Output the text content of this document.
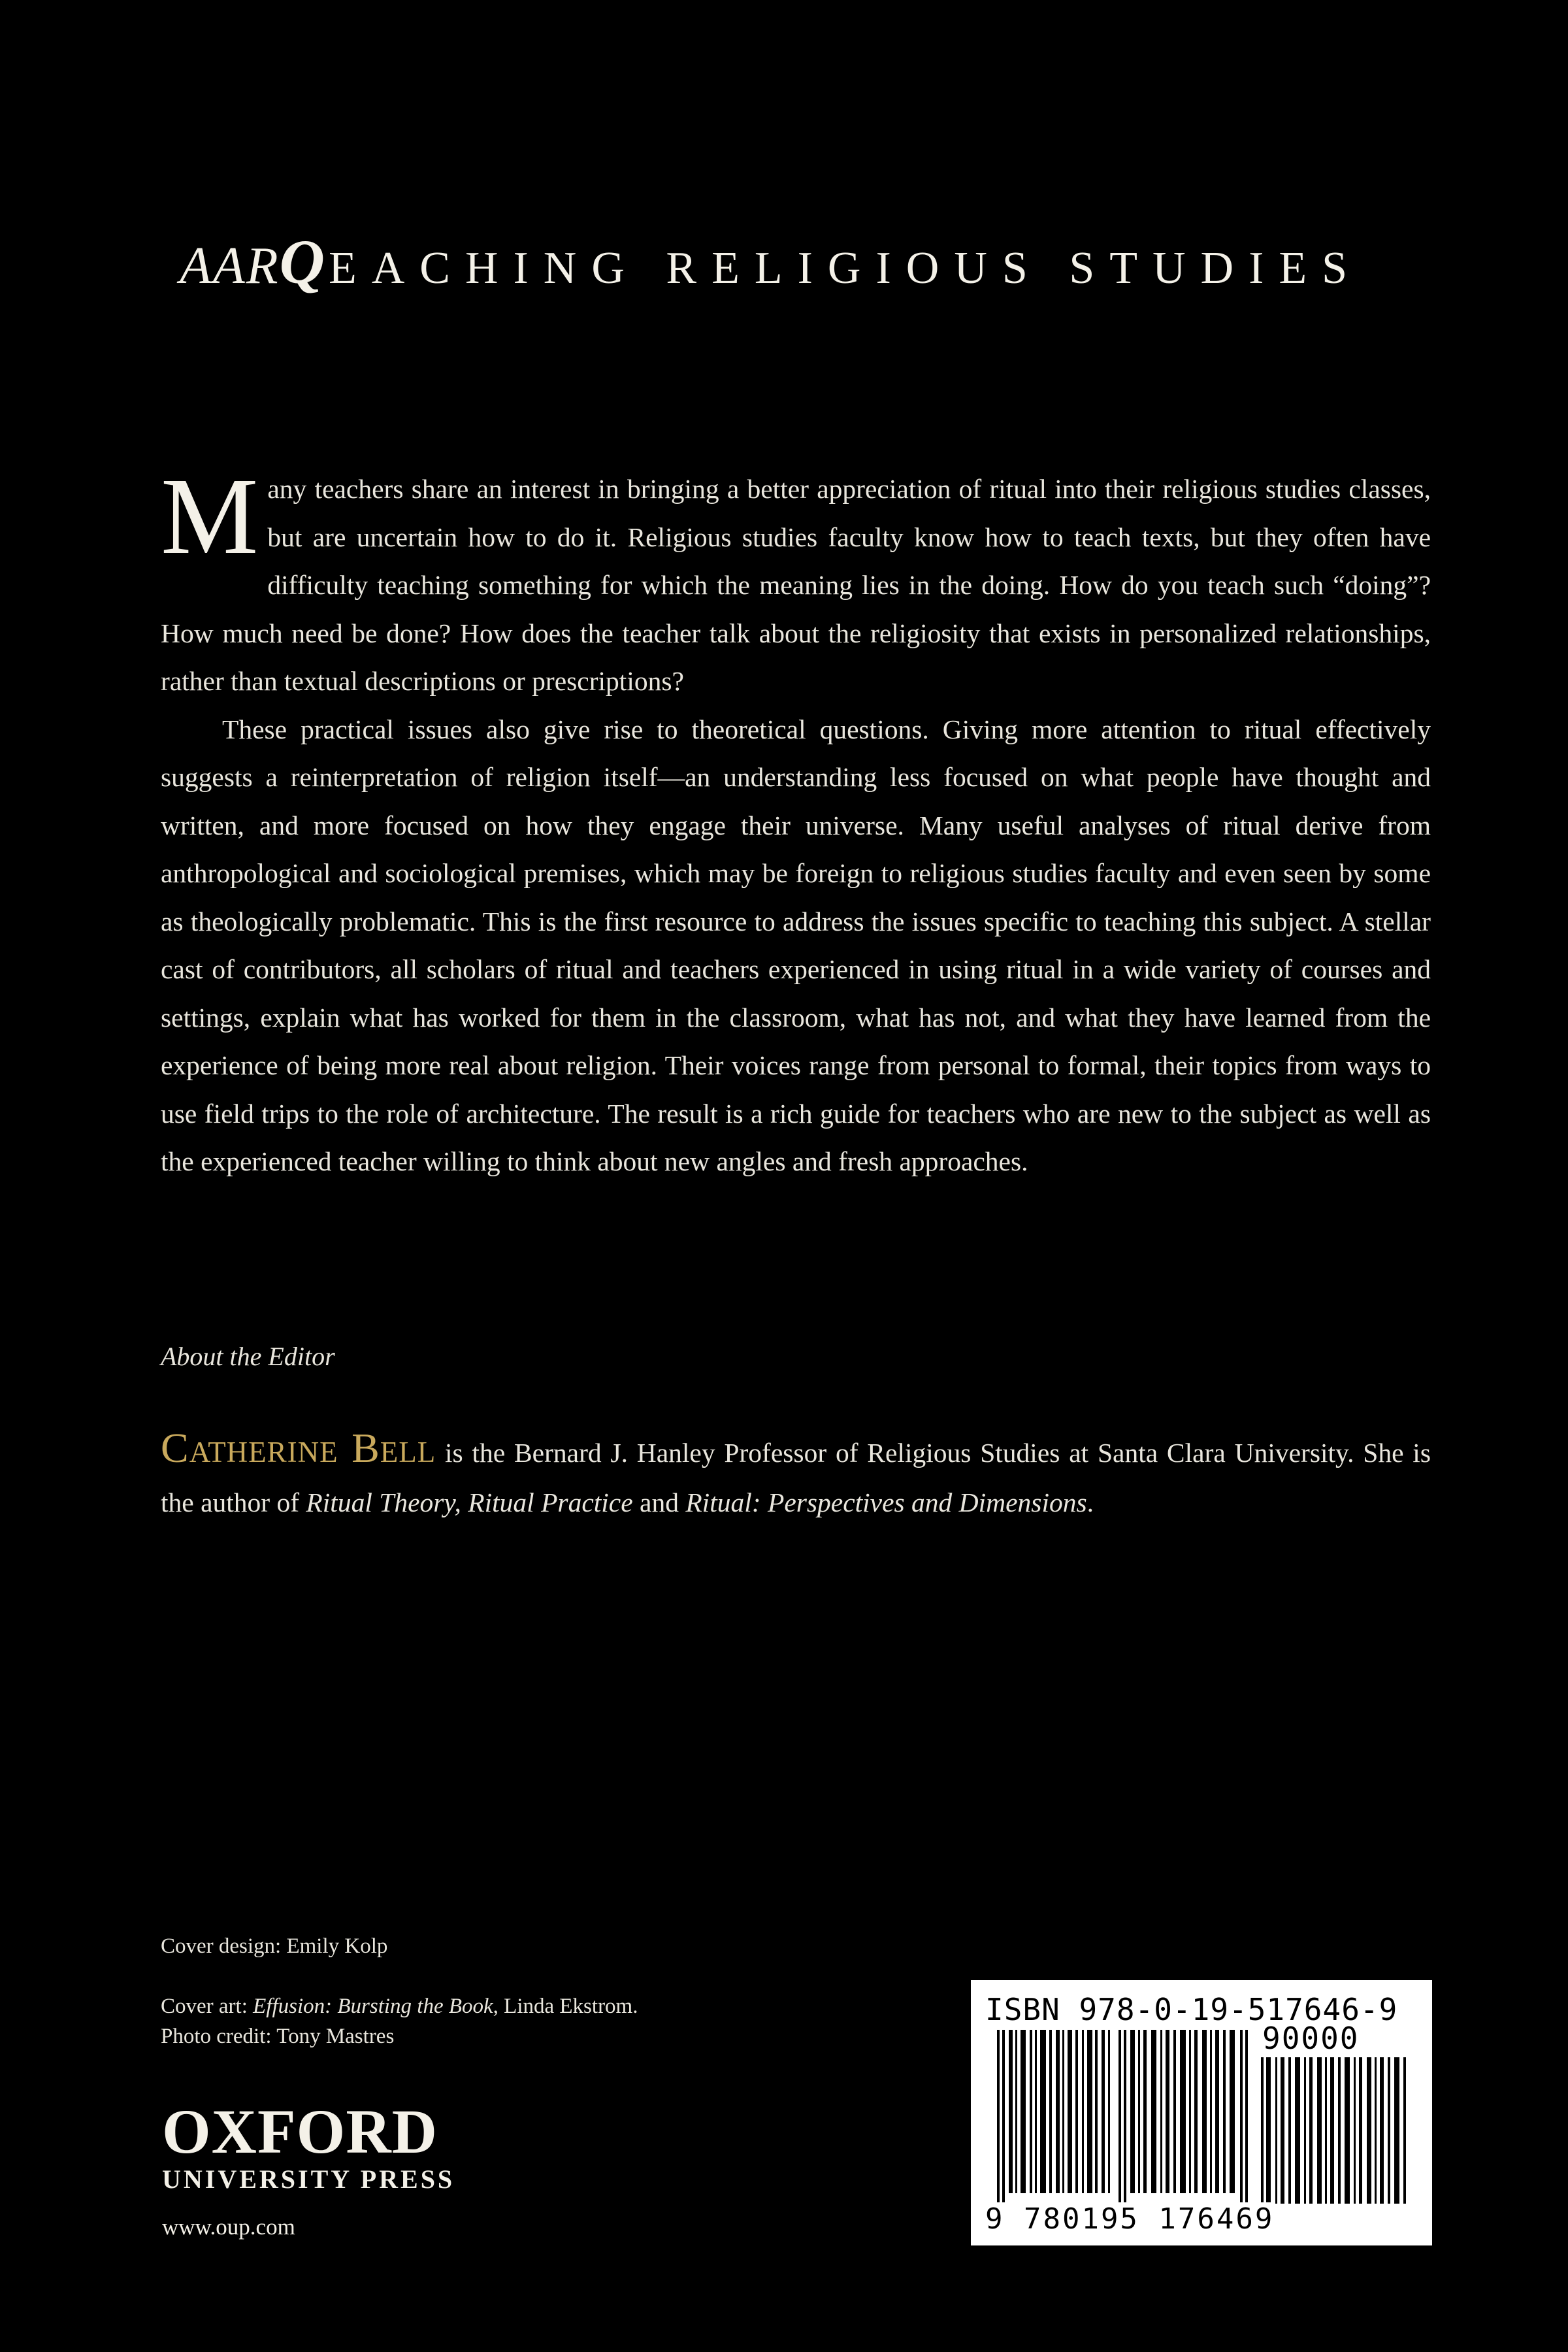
AAR Q EACHING RELIGIOUS STUDIES

Many teachers share an interest in bringing a better appreciation of ritual into their religious studies classes, but are uncertain how to do it. Religious studies faculty know how to teach texts, but they often have difficulty teaching something for which the meaning lies in the doing. How do you teach such “doing”? How much need be done? How does the teacher talk about the religiosity that exists in personalized relationships, rather than textual descriptions or prescriptions?

These practical issues also give rise to theoretical questions. Giving more attention to ritual effectively suggests a reinterpretation of religion itself—an understanding less focused on what people have thought and written, and more focused on how they engage their universe. Many useful analyses of ritual derive from anthropological and sociological premises, which may be foreign to religious studies faculty and even seen by some as theologically problematic. This is the first resource to address the issues specific to teaching this subject. A stellar cast of contributors, all scholars of ritual and teachers experienced in using ritual in a wide variety of courses and settings, explain what has worked for them in the classroom, what has not, and what they have learned from the experience of being more real about religion. Their voices range from personal to formal, their topics from ways to use field trips to the role of architecture. The result is a rich guide for teachers who are new to the subject as well as the experienced teacher willing to think about new angles and fresh approaches.

About the Editor
Catherine Bell is the Bernard J. Hanley Professor of Religious Studies at Santa Clara University. She is the author of Ritual Theory, Ritual Practice and Ritual: Perspectives and Dimensions.
Cover design: Emily Kolp
Cover art: Effusion: Bursting the Book, Linda Ekstrom.
Photo credit: Tony Mastres
OXFORD
UNIVERSITY PRESS
www.oup.com
ISBN 978-0-19-517646-9
90000
9 780195 176469
